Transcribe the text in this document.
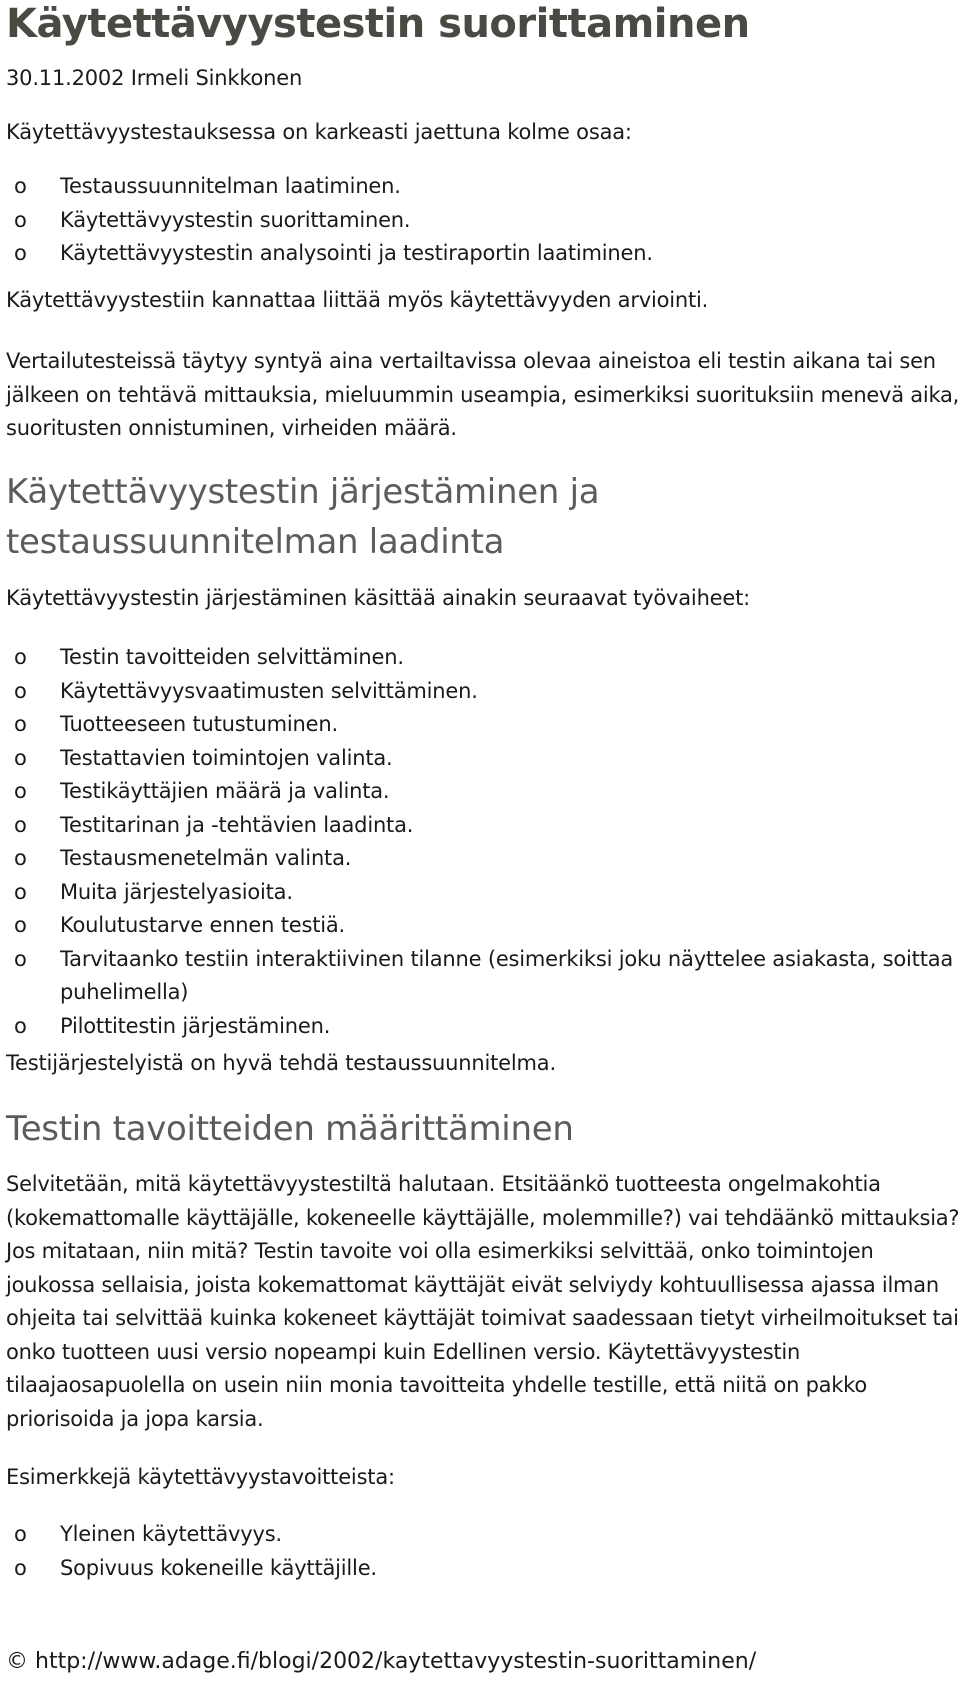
Käytettävyystestin suorittaminen
30.11.2002 Irmeli Sinkkonen
Käytettävyystestauksessa on karkeasti jaettuna kolme osaa:
o Testaussuunnitelman laatiminen.
o Käytettävyystestin suorittaminen.
o Käytettävyystestin analysointi ja testiraportin laatiminen.
Käytettävyystestiin kannattaa liittää myös käytettävyyden arviointi.
Vertailutesteissä täytyy syntyä aina vertailtavissa olevaa aineistoa eli testin aikana tai sen jälkeen on tehtävä mittauksia, mieluummin useampia, esimerkiksi suorituksiin menevä aika, suoritusten onnistuminen, virheiden määrä.
Käytettävyystestin järjestäminen ja testaussuunnitelman laadinta
Käytettävyystestin järjestäminen käsittää ainakin seuraavat työvaiheet:
o Testin tavoitteiden selvittäminen.
o Käytettävyysvaatimusten selvittäminen.
o Tuotteeseen tutustuminen.
o Testattavien toimintojen valinta.
o Testikäyttäjien määrä ja valinta.
o Testitarinan ja -tehtävien laadinta.
o Testausmenetelmän valinta.
o Muita järjestelyasioita.
o Koulutustarve ennen testiä.
o Tarvitaanko testiin interaktiivinen tilanne (esimerkiksi joku näyttelee asiakasta, soittaa puhelimella)
o Pilottitestin järjestäminen.
Testijärjestelyistä on hyvä tehdä testaussuunnitelma.
Testin tavoitteiden määrittäminen
Selvitetään, mitä käytettävyystestiltä halutaan. Etsitäänkö tuotteesta ongelmakohtia (kokemattomalle käyttäjälle, kokeneelle käyttäjälle, molemmille?) vai tehdäänkö mittauksia? Jos mitataan, niin mitä? Testin tavoite voi olla esimerkiksi selvittää, onko toimintojen joukossa sellaisia, joista kokemattomat käyttäjät eivät selviydy kohtuullisessa ajassa ilman ohjeita tai selvittää kuinka kokeneet käyttäjät toimivat saadessaan tietyt virheilmoitukset tai onko tuotteen uusi versio nopeampi kuin Edellinen versio. Käytettävyystestin tilaajaosapuolella on usein niin monia tavoitteita yhdelle testille, että niitä on pakko priorisoida ja jopa karsia.
Esimerkkejä käytettävyystavoitteista:
o Yleinen käytettävyys.
o Sopivuus kokeneille käyttäjille.
© http://www.adage.fi/blogi/2002/kaytettavyystestin-suorittaminen/
